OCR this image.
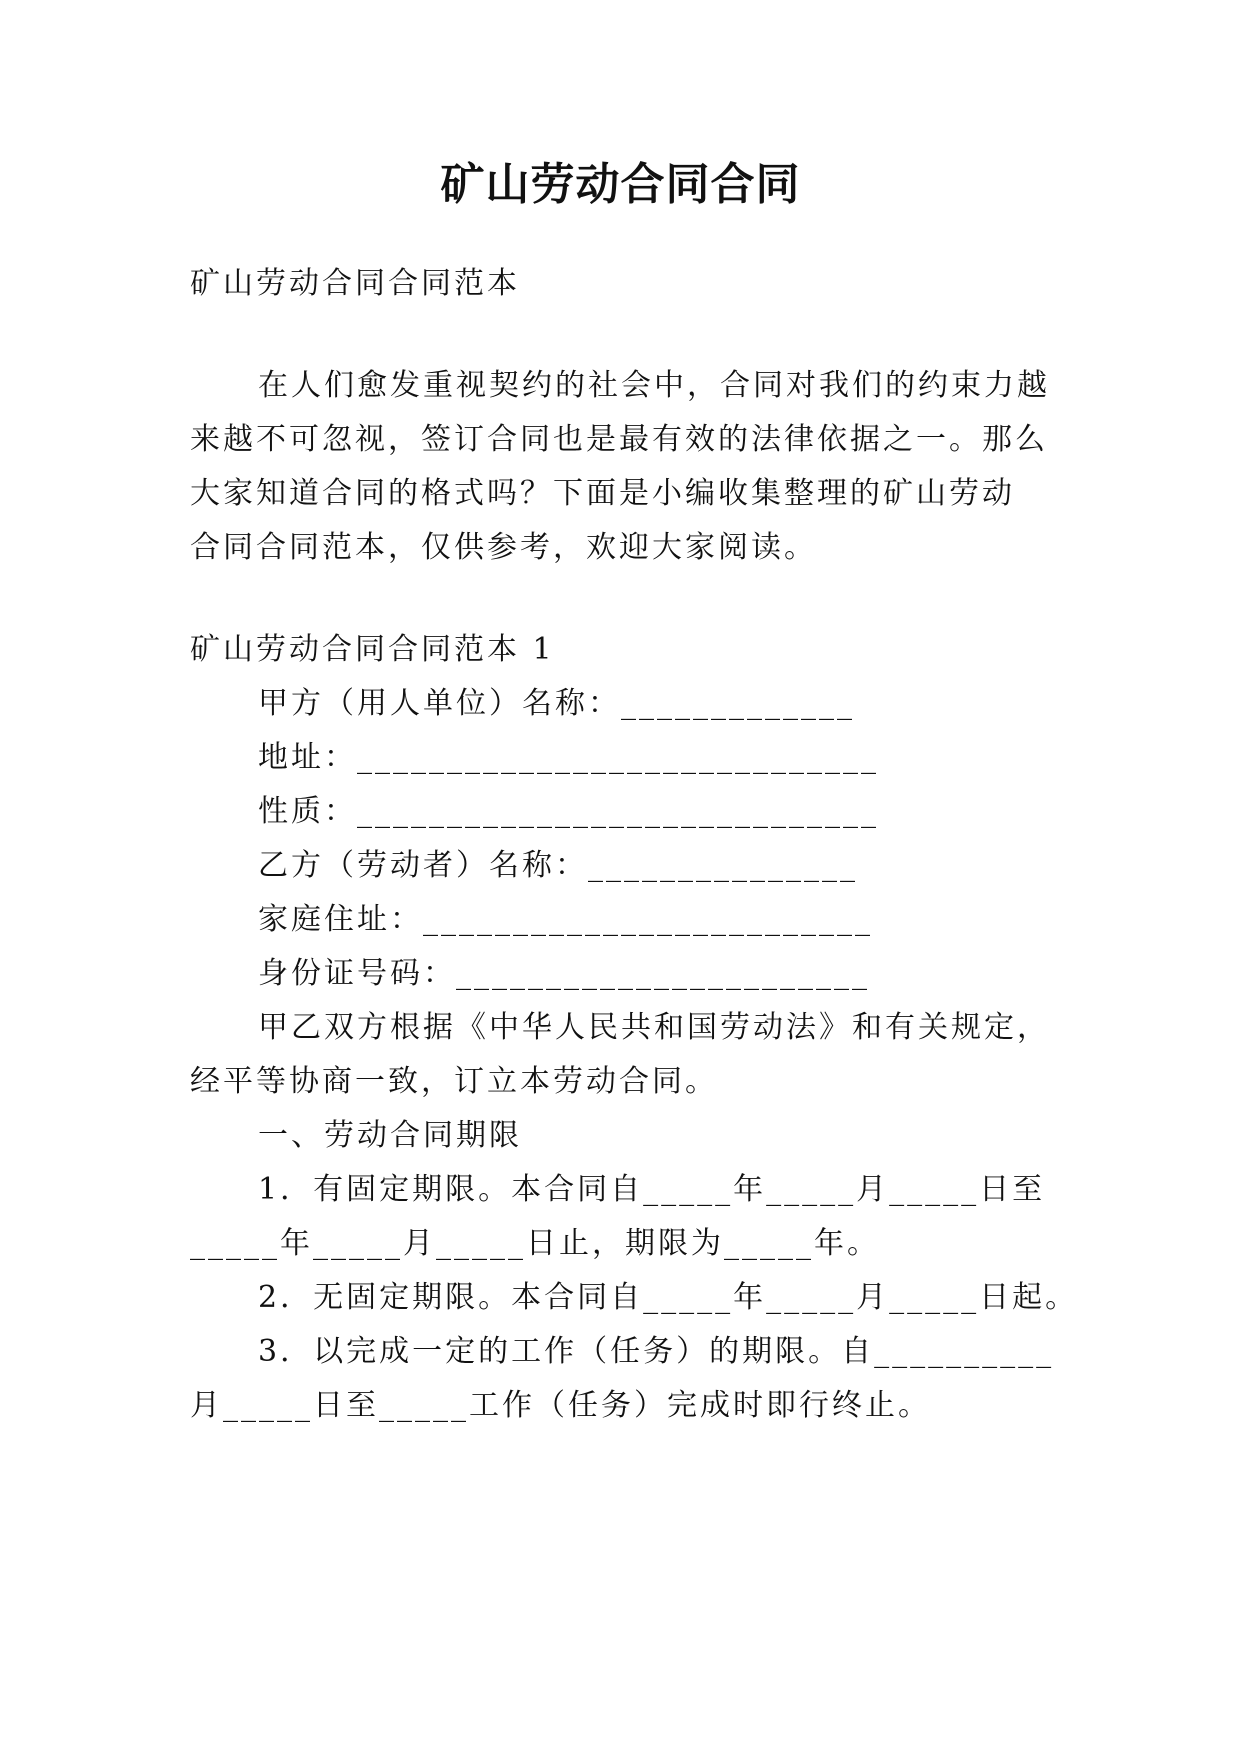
矿山劳动合同合同
矿山劳动合同合同范本
在人们愈发重视契约的社会中，合同对我们的约束力越
来越不可忽视，签订合同也是最有效的法律依据之一。那么
大家知道合同的格式吗？下面是小编收集整理的矿山劳动
合同合同范本，仅供参考，欢迎大家阅读。
矿山劳动合同合同范本 1
甲方（用人单位）名称：_____________
地址：_____________________________
性质：_____________________________
乙方（劳动者）名称：_______________
家庭住址：_________________________
身份证号码：_______________________
甲乙双方根据《中华人民共和国劳动法》和有关规定，
经平等协商一致，订立本劳动合同。
一、劳动合同期限
1．有固定期限。本合同自_____年_____月_____日至
_____年_____月_____日止，期限为_____年。
2．无固定期限。本合同自_____年_____月_____日起。
3．以完成一定的工作（任务）的期限。自__________
月_____日至_____工作（任务）完成时即行终止。
